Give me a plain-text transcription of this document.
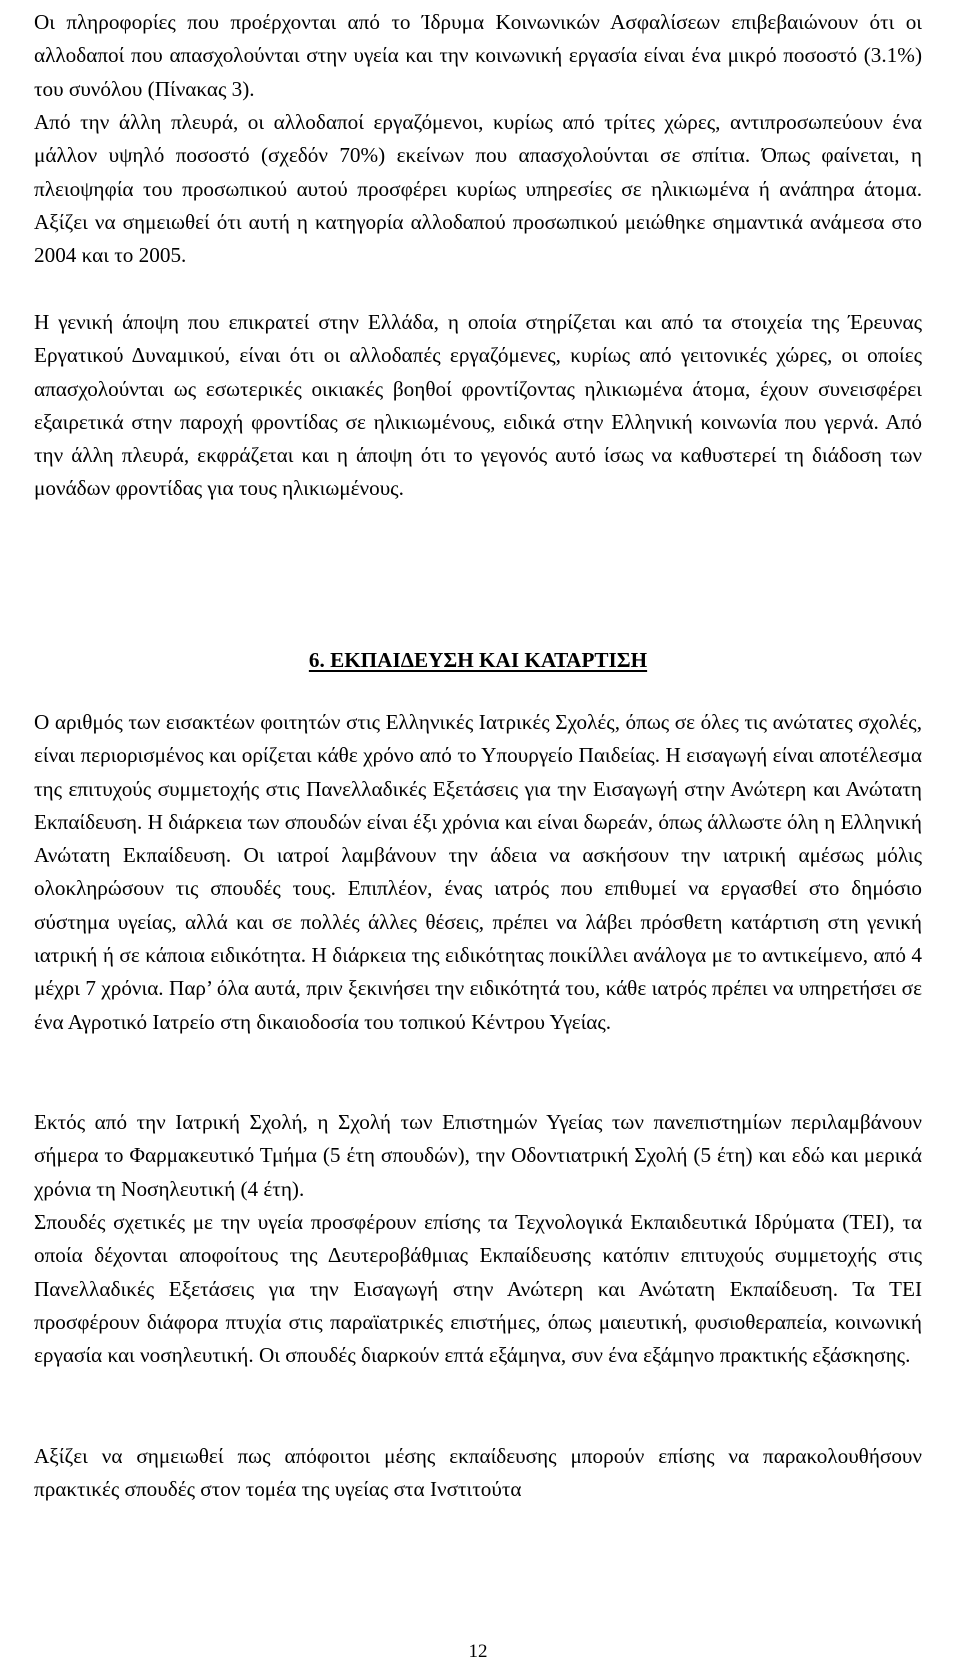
Οι πληροφορίες που προέρχονται από το Ίδρυμα Κοινωνικών Ασφαλίσεων επιβεβαιώνουν ότι οι αλλοδαποί που απασχολούνται στην υγεία και την κοινωνική εργασία είναι ένα μικρό ποσοστό (3.1%) του συνόλου (Πίνακας 3).

Από την άλλη πλευρά, οι αλλοδαποί εργαζόμενοι, κυρίως από τρίτες χώρες, αντιπροσωπεύουν ένα μάλλον υψηλό ποσοστό (σχεδόν 70%) εκείνων που απασχολούνται σε σπίτια. Όπως φαίνεται, η πλειοψηφία του προσωπικού αυτού προσφέρει κυρίως υπηρεσίες σε ηλικιωμένα ή ανάπηρα άτομα. Αξίζει να σημειωθεί ότι αυτή η κατηγορία αλλοδαπού προσωπικού μειώθηκε σημαντικά ανάμεσα στο 2004 και το 2005.

Η γενική άποψη που επικρατεί στην Ελλάδα, η οποία στηρίζεται και από τα στοιχεία της Έρευνας Εργατικού Δυναμικού, είναι ότι οι αλλοδαπές εργαζόμενες, κυρίως από γειτονικές χώρες, οι οποίες απασχολούνται ως εσωτερικές οικιακές βοηθοί φροντίζοντας ηλικιωμένα άτομα, έχουν συνεισφέρει εξαιρετικά στην παροχή φροντίδας σε ηλικιωμένους, ειδικά στην Ελληνική κοινωνία που γερνά. Από την άλλη πλευρά, εκφράζεται και η άποψη ότι το γεγονός αυτό ίσως να καθυστερεί τη διάδοση των μονάδων φροντίδας για τους ηλικιωμένους.

6. ΕΚΠΑΙΔΕΥΣΗ ΚΑΙ ΚΑΤΑΡΤΙΣΗ

Ο αριθμός των εισακτέων φοιτητών στις Ελληνικές Ιατρικές Σχολές, όπως σε όλες τις ανώτατες σχολές, είναι περιορισμένος και ορίζεται κάθε χρόνο από το Υπουργείο Παιδείας. Η εισαγωγή είναι αποτέλεσμα της επιτυχούς συμμετοχής στις Πανελλαδικές Εξετάσεις για την Εισαγωγή στην Ανώτερη και Ανώτατη Εκπαίδευση. Η διάρκεια των σπουδών είναι έξι χρόνια και είναι δωρεάν, όπως άλλωστε όλη η Ελληνική Ανώτατη Εκπαίδευση. Οι ιατροί λαμβάνουν την άδεια να ασκήσουν την ιατρική αμέσως μόλις ολοκληρώσουν τις σπουδές τους. Επιπλέον, ένας ιατρός που επιθυμεί να εργασθεί στο δημόσιο σύστημα υγείας, αλλά και σε πολλές άλλες θέσεις, πρέπει να λάβει πρόσθετη κατάρτιση στη γενική ιατρική ή σε κάποια ειδικότητα. Η διάρκεια της ειδικότητας ποικίλλει ανάλογα με το αντικείμενο, από 4 μέχρι 7 χρόνια. Παρ’ όλα αυτά, πριν ξεκινήσει την ειδικότητά του, κάθε ιατρός πρέπει να υπηρετήσει σε ένα Αγροτικό Ιατρείο στη δικαιοδοσία του τοπικού Κέντρου Υγείας.

Εκτός από την Ιατρική Σχολή, η Σχολή των Επιστημών Υγείας των πανεπιστημίων περιλαμβάνουν σήμερα το Φαρμακευτικό Τμήμα (5 έτη σπουδών), την Οδοντιατρική Σχολή (5 έτη) και εδώ και μερικά χρόνια τη Νοσηλευτική (4 έτη).

Σπουδές σχετικές με την υγεία προσφέρουν επίσης τα Τεχνολογικά Εκπαιδευτικά Ιδρύματα (ΤΕΙ), τα οποία δέχονται αποφοίτους της Δευτεροβάθμιας Εκπαίδευσης κατόπιν επιτυχούς συμμετοχής στις Πανελλαδικές Εξετάσεις για την Εισαγωγή στην Ανώτερη και Ανώτατη Εκπαίδευση. Τα ΤΕΙ προσφέρουν διάφορα πτυχία στις παραϊατρικές επιστήμες, όπως μαιευτική, φυσιοθεραπεία, κοινωνική εργασία και νοσηλευτική. Οι σπουδές διαρκούν επτά εξάμηνα, συν ένα εξάμηνο πρακτικής εξάσκησης.

Αξίζει να σημειωθεί πως απόφοιτοι μέσης εκπαίδευσης μπορούν επίσης να παρακολουθήσουν πρακτικές σπουδές στον τομέα της υγείας στα Ινστιτούτα

12
